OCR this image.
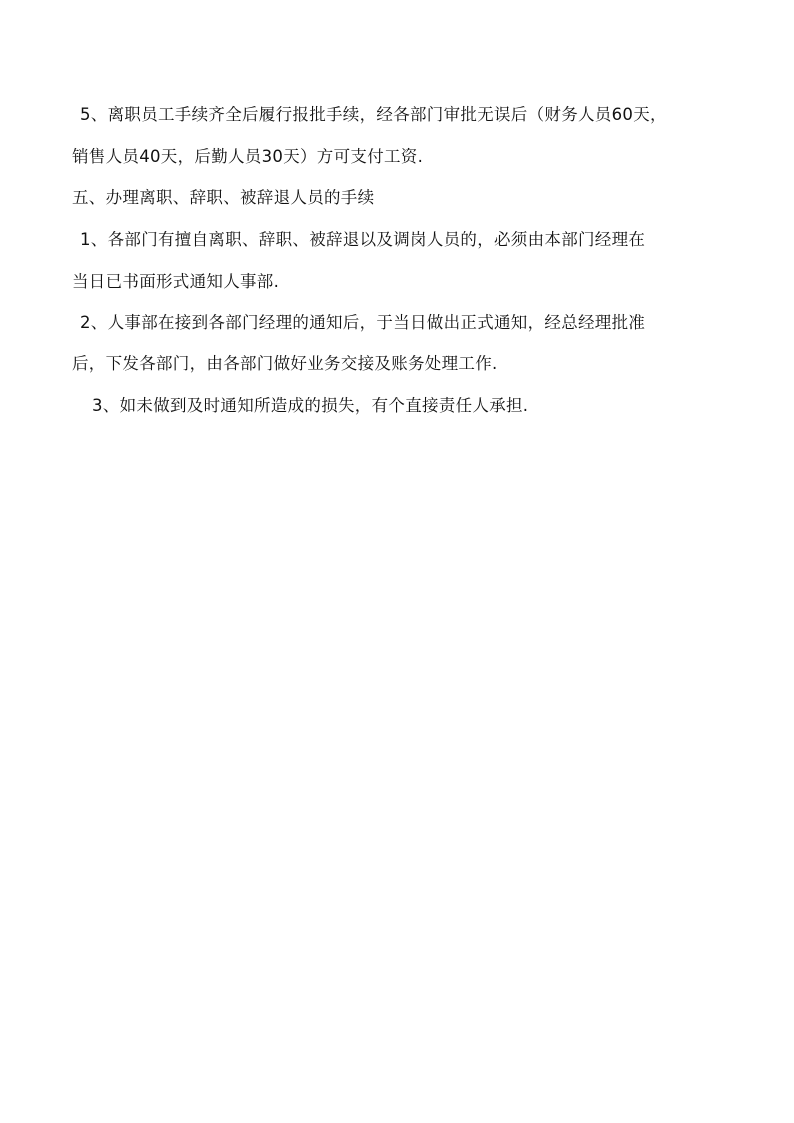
5、离职员工手续齐全后履行报批手续，经各部门审批无误后（财务人员60天，
销售人员40天，后勤人员30天）方可支付工资.
五、办理离职、辞职、被辞退人员的手续
1、各部门有擅自离职、辞职、被辞退以及调岗人员的，必须由本部门经理在
当日已书面形式通知人事部.
2、人事部在接到各部门经理的通知后，于当日做出正式通知，经总经理批准
后，下发各部门，由各部门做好业务交接及账务处理工作.
3、如未做到及时通知所造成的损失，有个直接责任人承担.
